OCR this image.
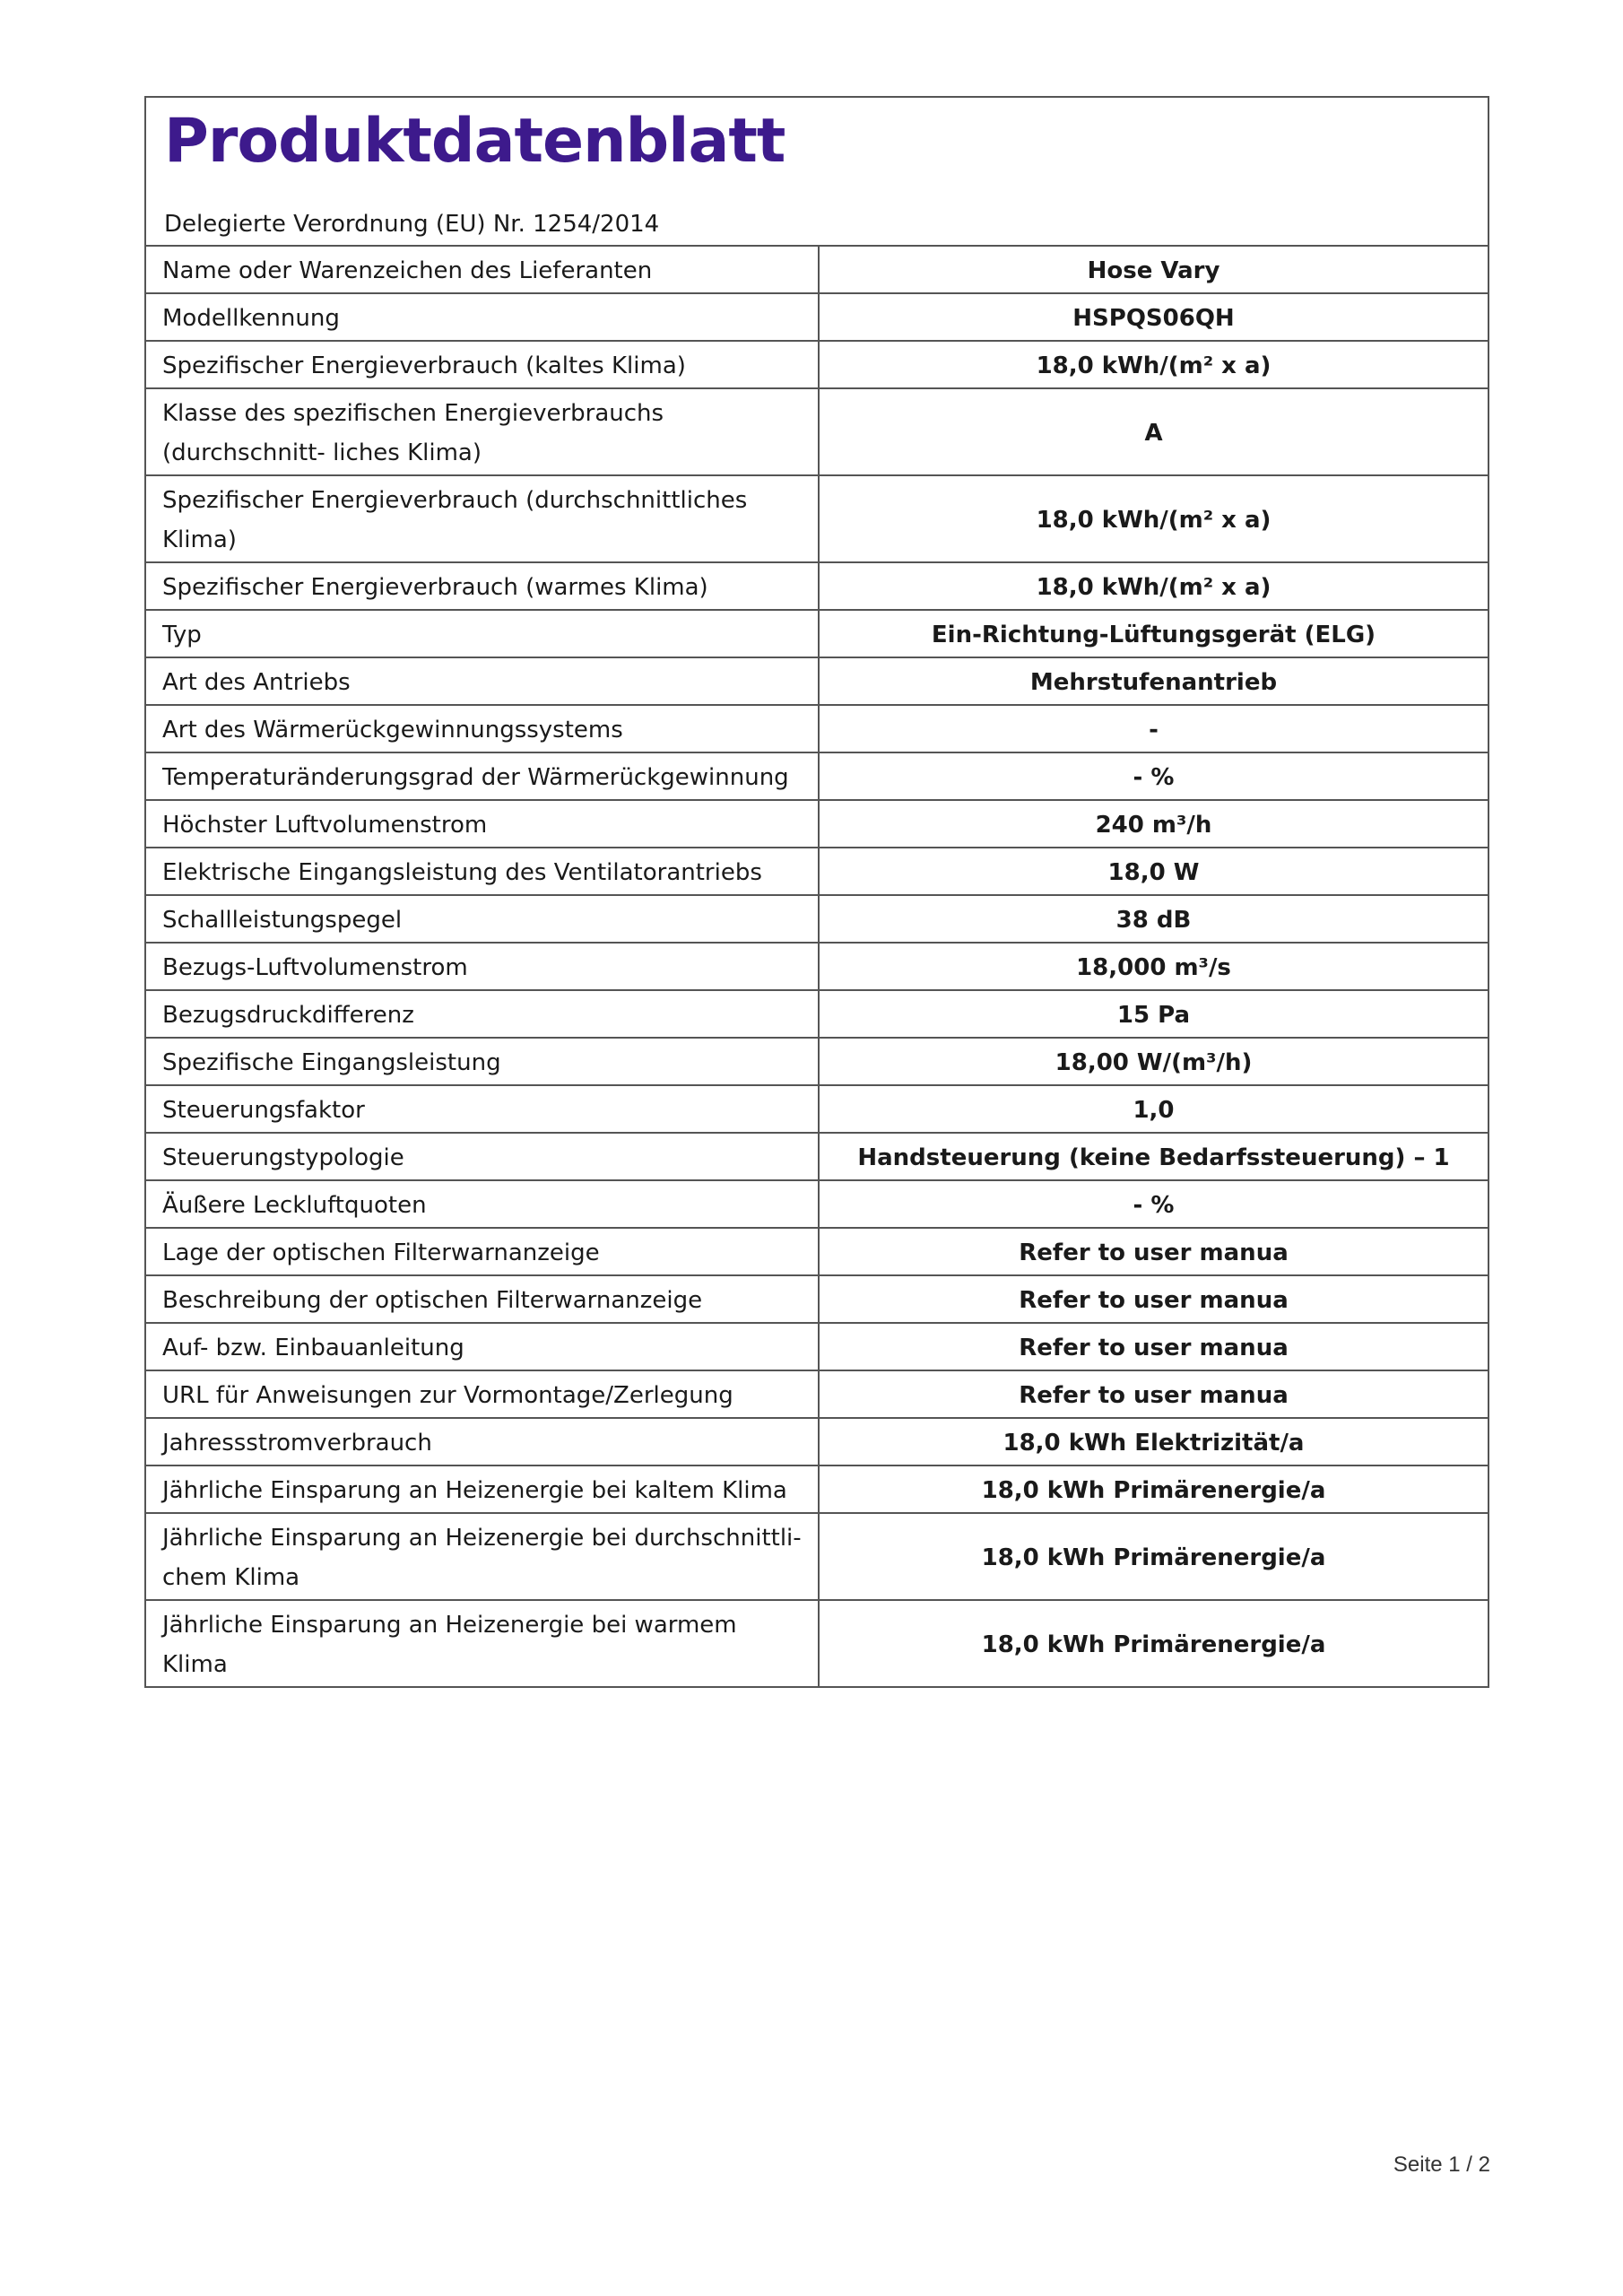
Produktdatenblatt
Delegierte Verordnung (EU) Nr. 1254/2014
Name oder Warenzeichen des Lieferanten	Hose Vary
Modellkennung	HSPQS06QH
Spezifischer Energieverbrauch (kaltes Klima)	18,0 kWh/(m² x a)
Klasse des spezifischen Energieverbrauchs (durchschnitt- liches Klima)	A
Spezifischer Energieverbrauch (durchschnittliches Klima)	18,0 kWh/(m² x a)
Spezifischer Energieverbrauch (warmes Klima)	18,0 kWh/(m² x a)
Typ	Ein-Richtung-Lüftungsgerät (ELG)
Art des Antriebs	Mehrstufenantrieb
Art des Wärmerückgewinnungssystems	-
Temperaturänderungsgrad der Wärmerückgewinnung	- %
Höchster Luftvolumenstrom	240 m³/h
Elektrische Eingangsleistung des Ventilatorantriebs	18,0 W
Schallleistungspegel	38 dB
Bezugs-Luftvolumenstrom	18,000 m³/s
Bezugsdruckdifferenz	15 Pa
Spezifische Eingangsleistung	18,00 W/(m³/h)
Steuerungsfaktor	1,0
Steuerungstypologie	Handsteuerung (keine Bedarfssteuerung) – 1
Äußere Leckluftquoten	- %
Lage der optischen Filterwarnanzeige	Refer to user manua
Beschreibung der optischen Filterwarnanzeige	Refer to user manua
Auf- bzw. Einbauanleitung	Refer to user manua
URL für Anweisungen zur Vormontage/Zerlegung	Refer to user manua
Jahressstromverbrauch	18,0 kWh Elektrizität/a
Jährliche Einsparung an Heizenergie bei kaltem Klima	18,0 kWh Primärenergie/a
Jährliche Einsparung an Heizenergie bei durchschnittli- chem Klima	18,0 kWh Primärenergie/a
Jährliche Einsparung an Heizenergie bei warmem Klima	18,0 kWh Primärenergie/a
Seite 1 / 2
